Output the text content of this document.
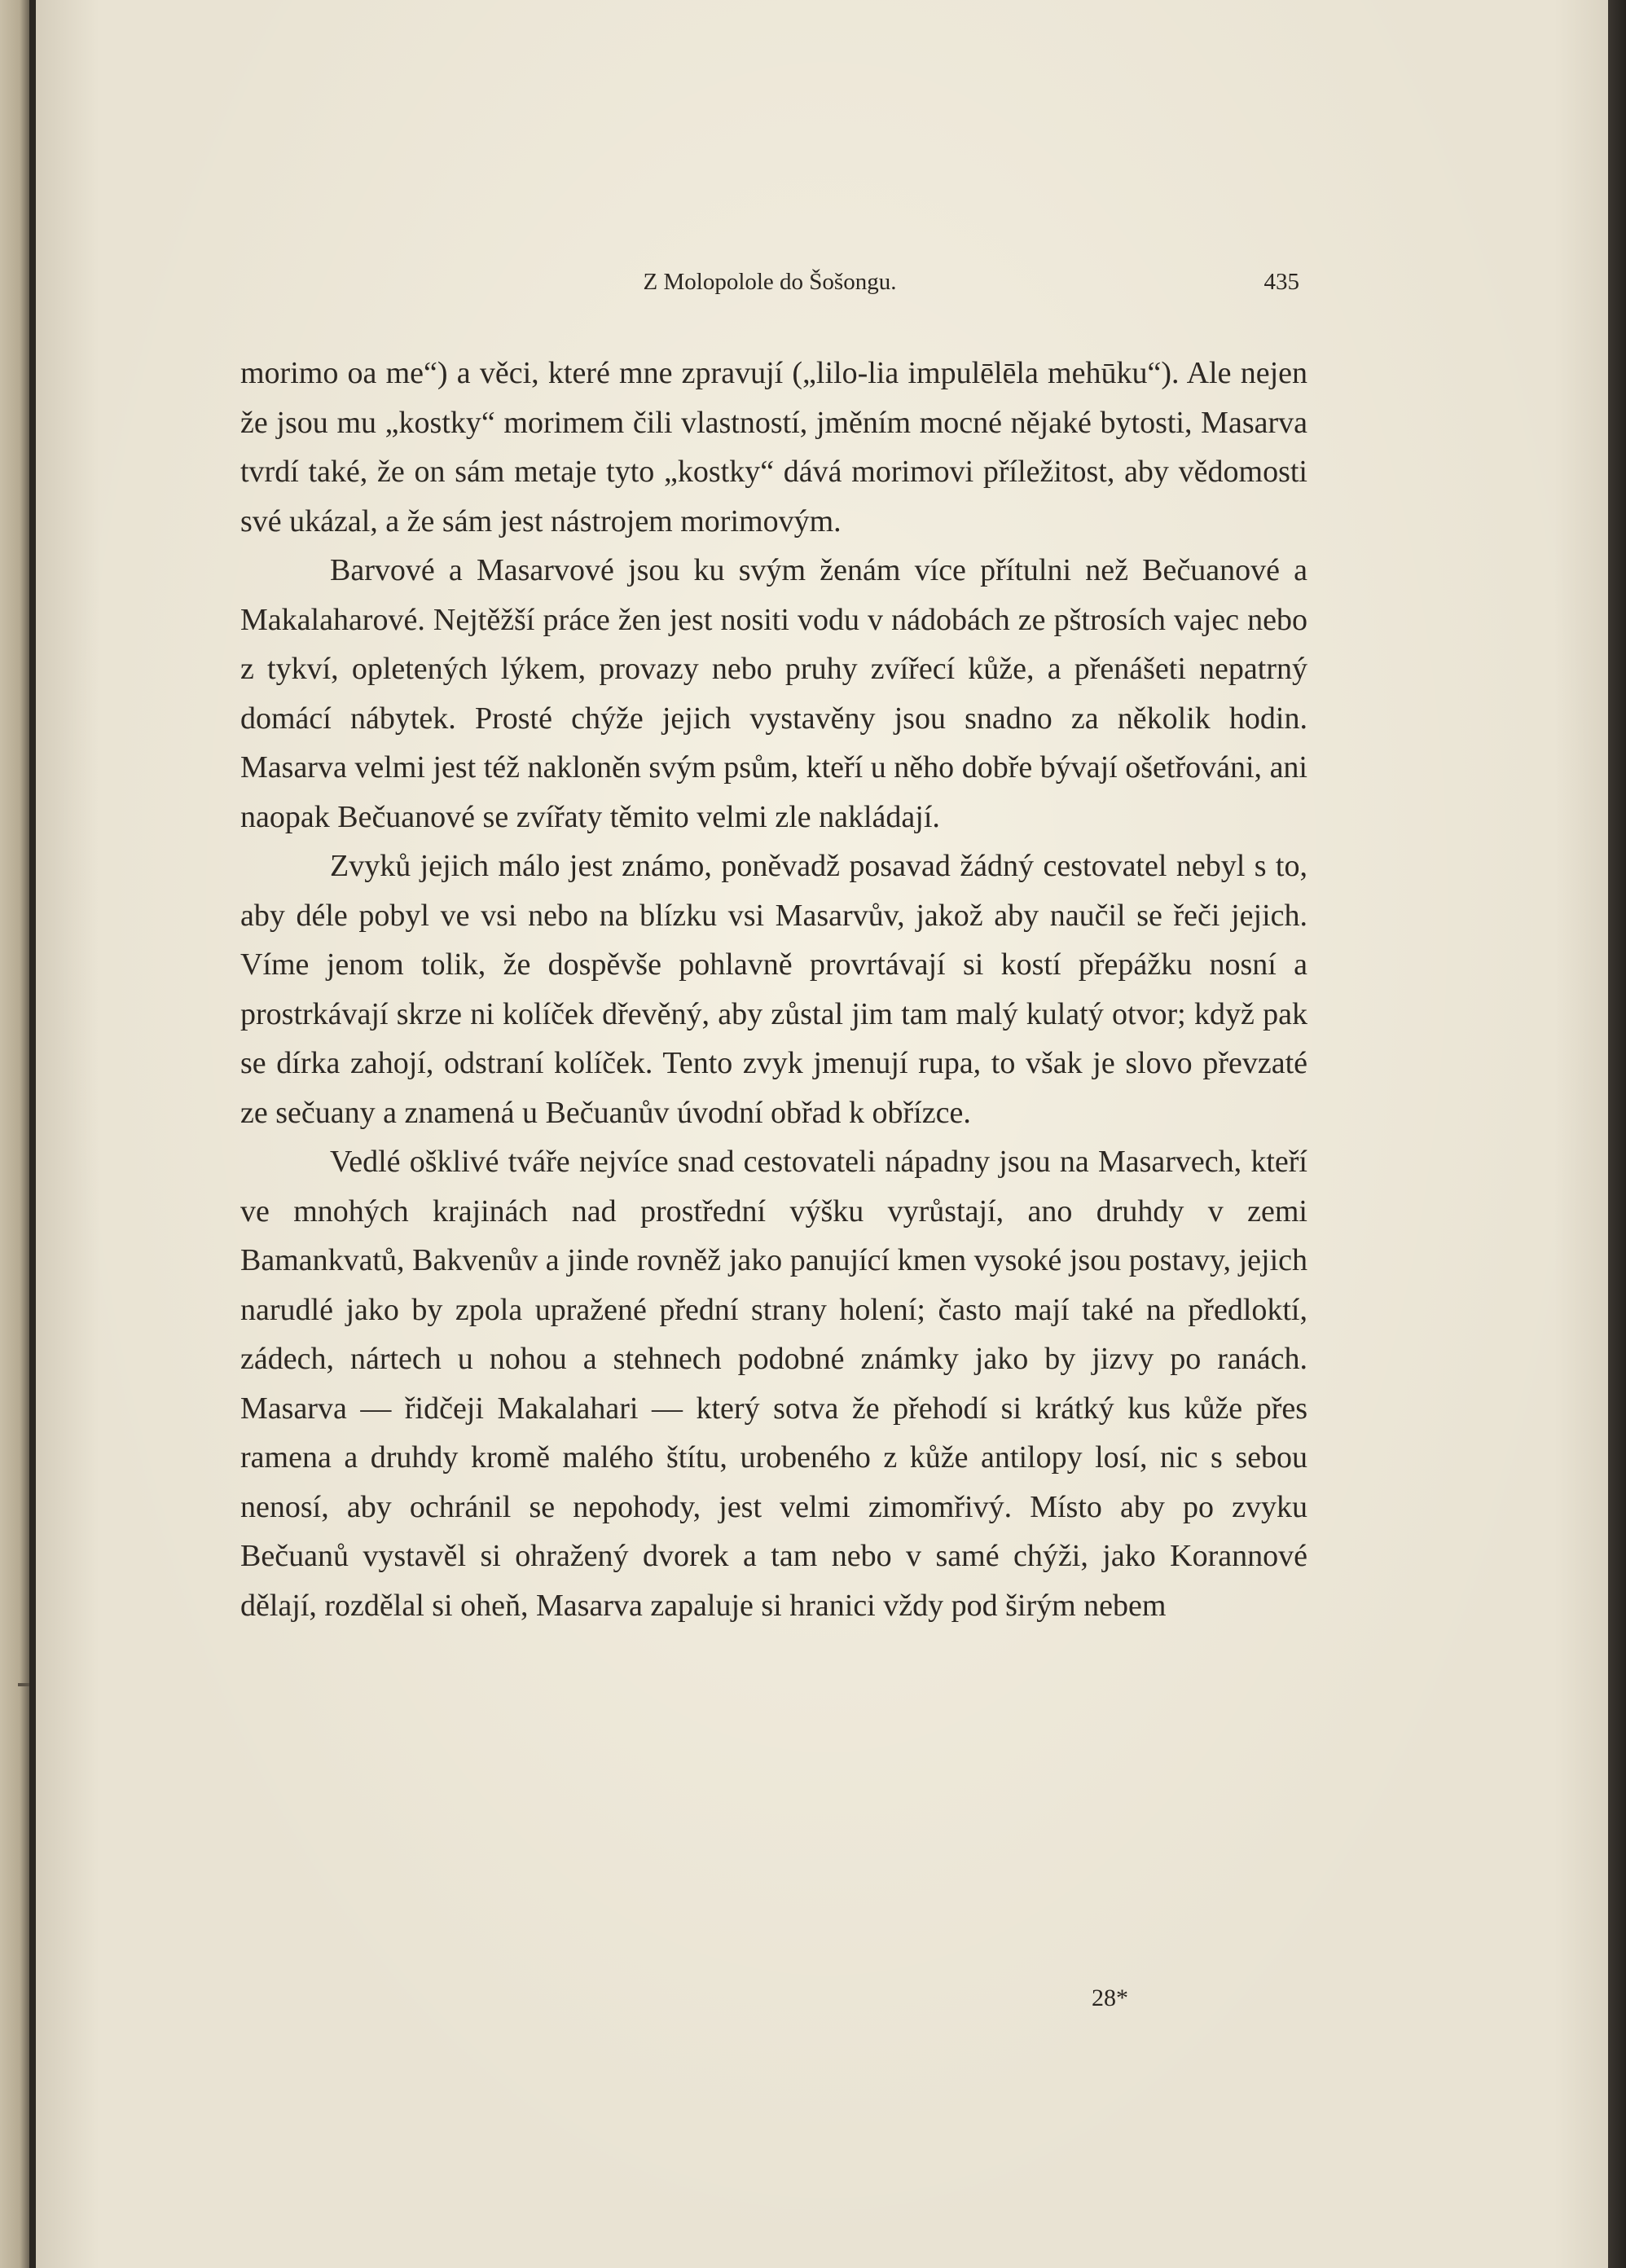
Z Molopolole do Šošongu.	435

morimo oa me“) a věci, které mne zpravují („lilo-lia impulēlēla mehūku“). Ale nejen že jsou mu „kostky“ morimem čili vlastností, jměním mocné nějaké bytosti, Masarva tvrdí také, že on sám metaje tyto „kostky“ dává morimovi příležitost, aby vědomosti své ukázal, a že sám jest nástrojem morimovým.

Barvové a Masarvové jsou ku svým ženám více přítulni než Bečuanové a Makalaharové. Nejtěžší práce žen jest nositi vodu v nádobách ze pštrosích vajec nebo z tykví, opletených lýkem, provazy nebo pruhy zvířecí kůže, a přenášeti nepatrný domácí nábytek. Prosté chýže jejich vystavěny jsou snadno za několik hodin. Masarva velmi jest též nakloněn svým psům, kteří u něho dobře bývají ošetřováni, ani naopak Bečuanové se zvířaty těmito velmi zle nakládají.

Zvyků jejich málo jest známo, poněvadž posavad žádný cestovatel nebyl s to, aby déle pobyl ve vsi nebo na blízku vsi Masarvův, jakož aby naučil se řeči jejich. Víme jenom tolik, že dospěvše pohlavně provrtávají si kostí přepážku nosní a prostrkávají skrze ni kolíček dřevěný, aby zůstal jim tam malý kulatý otvor; když pak se dírka zahojí, odstraní kolíček. Tento zvyk jmenují rupa, to však je slovo převzaté ze sečuany a znamená u Bečuanův úvodní obřad k obřízce.

Vedlé ošklivé tváře nejvíce snad cestovateli nápadny jsou na Masarvech, kteří ve mnohých krajinách nad prostřední výšku vyrůstají, ano druhdy v zemi Bamankvatů, Bakvenův a jinde rovněž jako panující kmen vysoké jsou postavy, jejich narudlé jako by zpola upražené přední strany holení; často mají také na předloktí, zádech, nártech u nohou a stehnech podobné známky jako by jizvy po ranách. Masarva — řidčeji Makalahari — který sotva že přehodí si krátký kus kůže přes ramena a druhdy kromě malého štítu, urobeného z kůže antilopy losí, nic s sebou nenosí, aby ochránil se nepohody, jest velmi zimomřivý. Místo aby po zvyku Bečuanů vystavěl si ohražený dvorek a tam nebo v samé chýži, jako Korannové dělají, rozdělal si oheň, Masarva zapaluje si hranici vždy pod širým nebem

28*
